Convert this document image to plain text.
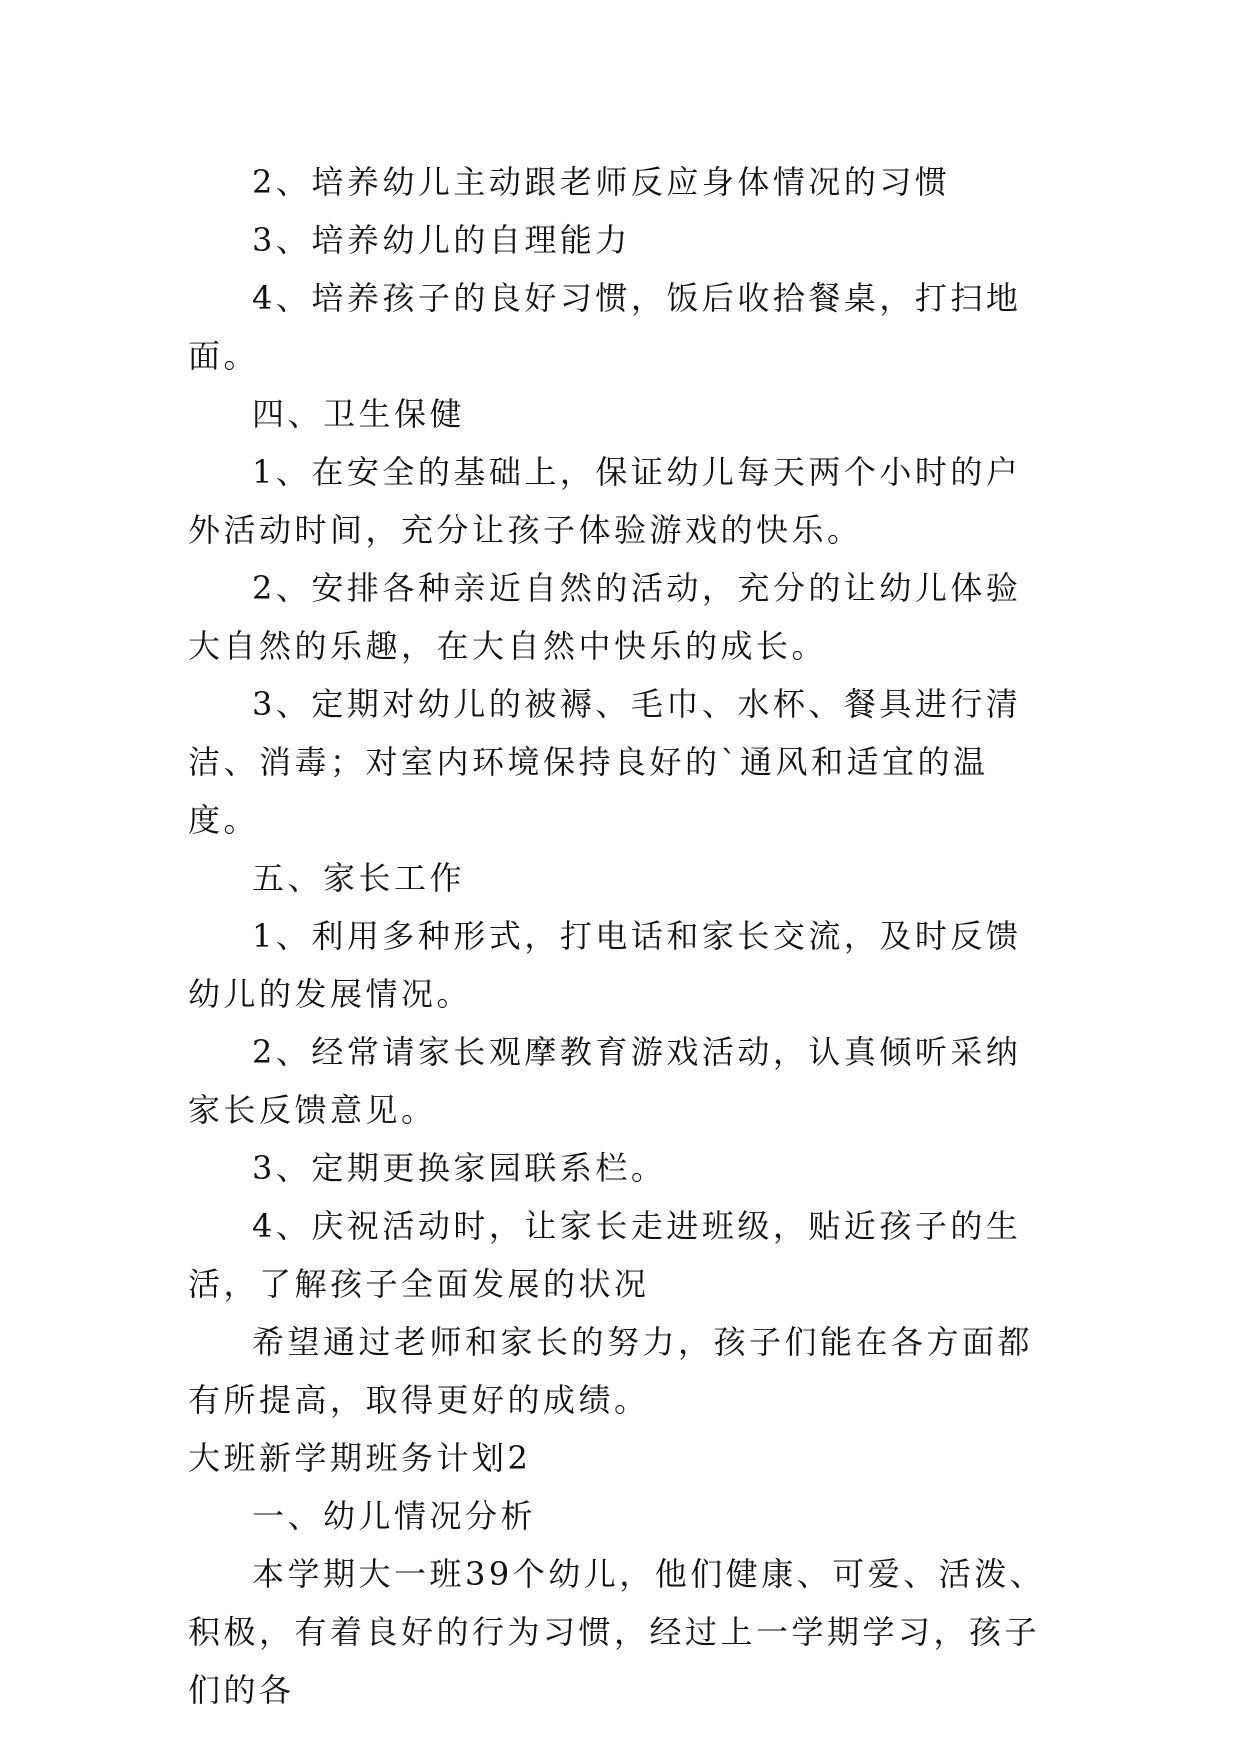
2、培养幼儿主动跟老师反应身体情况的习惯

3、培养幼儿的自理能力

4、培养孩子的良好习惯，饭后收拾餐桌，打扫地面。

四、卫生保健

1、在安全的基础上，保证幼儿每天两个小时的户外活动时间，充分让孩子体验游戏的快乐。

2、安排各种亲近自然的活动，充分的让幼儿体验大自然的乐趣，在大自然中快乐的成长。

3、定期对幼儿的被褥、毛巾、水杯、餐具进行清洁、消毒；对室内环境保持良好的`通风和适宜的温度。

五、家长工作

1、利用多种形式，打电话和家长交流，及时反馈幼儿的发展情况。

2、经常请家长观摩教育游戏活动，认真倾听采纳家长反馈意见。

3、定期更换家园联系栏。

4、庆祝活动时，让家长走进班级，贴近孩子的生活，了解孩子全面发展的状况

希望通过老师和家长的努力，孩子们能在各方面都有所提高，取得更好的成绩。

大班新学期班务计划2

一、幼儿情况分析

本学期大一班39个幼儿，他们健康、可爱、活泼、积极，有着良好的行为习惯，经过上一学期学习，孩子们的各
